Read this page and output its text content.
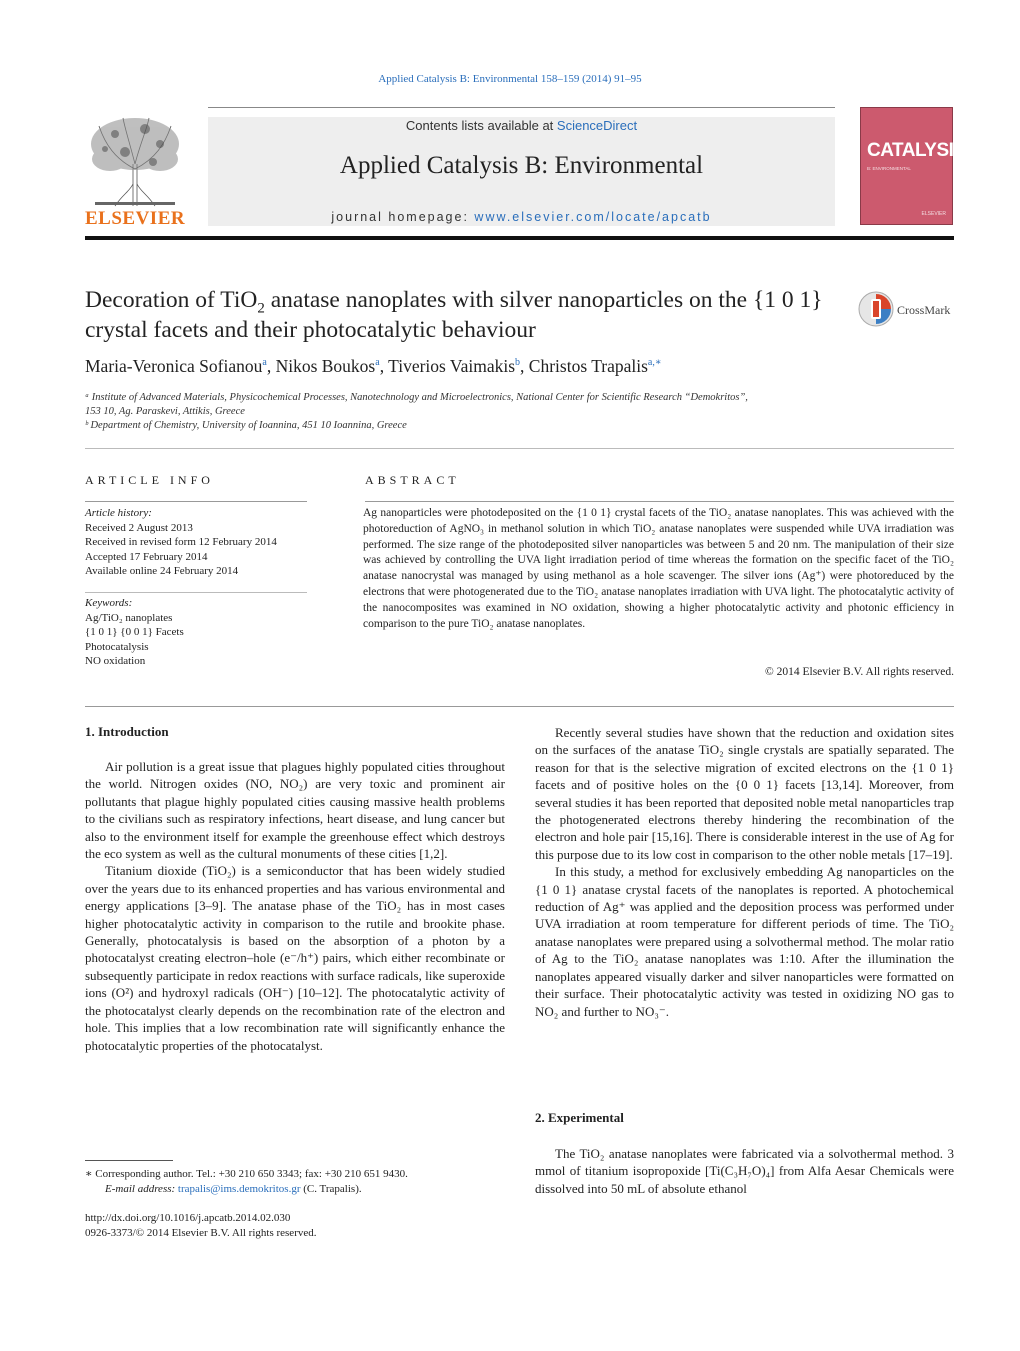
Applied Catalysis B: Environmental 158–159 (2014) 91–95
ELSEVIER
Contents lists available at ScienceDirect
Applied Catalysis B: Environmental
journal homepage: www.elsevier.com/locate/apcatb
CATALYSIS
B: ENVIRONMENTAL
ELSEVIER
Decoration of TiO$_2$ anatase nanoplates with silver nanoparticles on the {1 0 1} crystal facets and their photocatalytic behaviour
CrossMark
Maria-Veronica Sofianou$^a$, Nikos Boukos$^a$, Tiverios Vaimakis$^b$, Christos Trapalis$^{a,∗}$
ᵃ Institute of Advanced Materials, Physicochemical Processes, Nanotechnology and Microelectronics, National Center for Scientific Research “Demokritos”,
153 10, Ag. Paraskevi, Attikis, Greece
ᵇ Department of Chemistry, University of Ioannina, 451 10 Ioannina, Greece
ARTICLE INFO	ABSTRACT
Article history:
Received 2 August 2013
Received in revised form 12 February 2014
Accepted 17 February 2014
Available online 24 February 2014
Keywords:
Ag/TiO₂ nanoplates
{1 0 1} {0 0 1} Facets
Photocatalysis
NO oxidation
Ag nanoparticles were photodeposited on the {1 0 1} crystal facets of the TiO₂ anatase nanoplates. This was achieved with the photoreduction of AgNO₃ in methanol solution in which TiO₂ anatase nanoplates were suspended while UVA irradiation was performed. The size range of the photodeposited silver nanoparticles was between 5 and 20 nm. The manipulation of their size was achieved by controlling the UVA light irradiation period of time whereas the formation on the specific facet of the TiO₂ anatase nanocrystal was managed by using methanol as a hole scavenger. The silver ions (Ag⁺) were photoreduced by the electrons that were photogenerated due to the TiO₂ anatase nanoplates irradiation with UVA light. The photocatalytic activity of the nanocomposites was examined in NO oxidation, showing a higher photocatalytic activity and photonic efficiency in comparison to the pure TiO₂ anatase nanoplates.
© 2014 Elsevier B.V. All rights reserved.
1. Introduction

Air pollution is a great issue that plagues highly populated cities throughout the world. Nitrogen oxides (NO, NO₂) are very toxic and prominent air pollutants that plague highly populated cities causing massive health problems to the civilians such as respiratory infections, heart disease, and lung cancer but also to the environment itself for example the greenhouse effect which destroys the eco system as well as the cultural monuments of these cities [1,2].

Titanium dioxide (TiO₂) is a semiconductor that has been widely studied over the years due to its enhanced properties and has various environmental and energy applications [3–9]. The anatase phase of the TiO₂ has in most cases higher photocatalytic activity in comparison to the rutile and brookite phase. Generally, photocatalysis is based on the absorption of a photon by a photocatalyst creating electron–hole (e⁻/h⁺) pairs, which either recombinate or subsequently participate in redox reactions with surface radicals, like superoxide ions (O²) and hydroxyl radicals (OH⁻) [10–12]. The photocatalytic activity of the photocatalyst clearly depends on the recombination rate of the electron and hole. This implies that a low recombination rate will significantly enhance the photocatalytic properties of the photocatalyst.

Recently several studies have shown that the reduction and oxidation sites on the surfaces of the anatase TiO₂ single crystals are spatially separated. The reason for that is the selective migration of excited electrons on the {1 0 1} facets and of positive holes on the {0 0 1} facets [13,14]. Moreover, from several studies it has been reported that deposited noble metal nanoparticles trap the photogenerated electrons thereby hindering the recombination of the electron and hole pair [15,16]. There is considerable interest in the use of Ag for this purpose due to its low cost in comparison to the other noble metals [17–19].

In this study, a method for exclusively embedding Ag nanoparticles on the {1 0 1} anatase crystal facets of the nanoplates is reported. A photochemical reduction of Ag⁺ was applied and the deposition process was performed under UVA irradiation at room temperature for different periods of time. The TiO₂ anatase nanoplates were prepared using a solvothermal method. The molar ratio of Ag to the TiO₂ anatase nanoplates was 1:10. After the illumination the nanoplates appeared visually darker and silver nanoparticles were formatted on their surface. Their photocatalytic activity was tested in oxidizing NO gas to NO₂ and further to NO₃⁻.

2. Experimental

The TiO₂ anatase nanoplates were fabricated via a solvothermal method. 3 mmol of titanium isopropoxide [Ti(C₃H₇O)₄] from Alfa Aesar Chemicals were dissolved into 50 mL of absolute ethanol

∗ Corresponding author. Tel.: +30 210 650 3343; fax: +30 210 651 9430.
E-mail address: trapalis@ims.demokritos.gr (C. Trapalis).
http://dx.doi.org/10.1016/j.apcatb.2014.02.030
0926-3373/© 2014 Elsevier B.V. All rights reserved.
